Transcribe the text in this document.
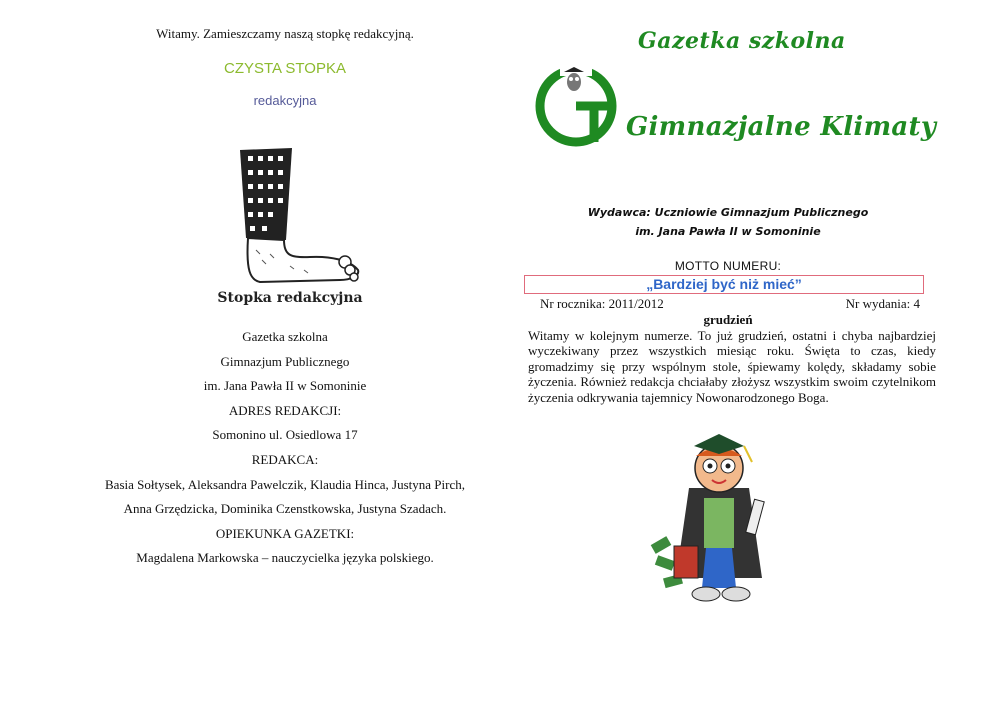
Witamy. Zamieszczamy naszą stopkę redakcyjną.
CZYSTA STOPKA
redakcyjna
Stopka redakcyjna
Gazetka szkolna
Gimnazjum Publicznego
im. Jana Pawła II w Somoninie
ADRES REDAKCJI:
Somonino ul. Osiedlowa 17
REDAKCA:
Basia Sołtysek, Aleksandra Pawelczik, Klaudia Hinca, Justyna Pirch,
Anna Grzędzicka, Dominika Czenstkowska, Justyna Szadach.
OPIEKUNKA GAZETKI:
Magdalena Markowska – nauczycielka języka polskiego.
Gazetka szkolna
Gimnazjalne Klimaty
Wydawca: Uczniowie Gimnazjum Publicznego
im. Jana Pawła II w Somoninie
MOTTO NUMERU:
„Bardziej być niż mieć”
Nr rocznika: 2011/2012	Nr wydania: 4
grudzień
Witamy w kolejnym numerze. To już grudzień, ostatni i chyba najbardziej wyczekiwany przez wszystkich miesiąc roku. Święta to czas, kiedy gromadzimy się przy wspólnym stole, śpiewamy kolędy, składamy sobie życzenia. Również redakcja chciałaby złożysz wszystkim swoim czytelnikom życzenia odkrywania tajemnicy Nowonarodzonego Boga.
